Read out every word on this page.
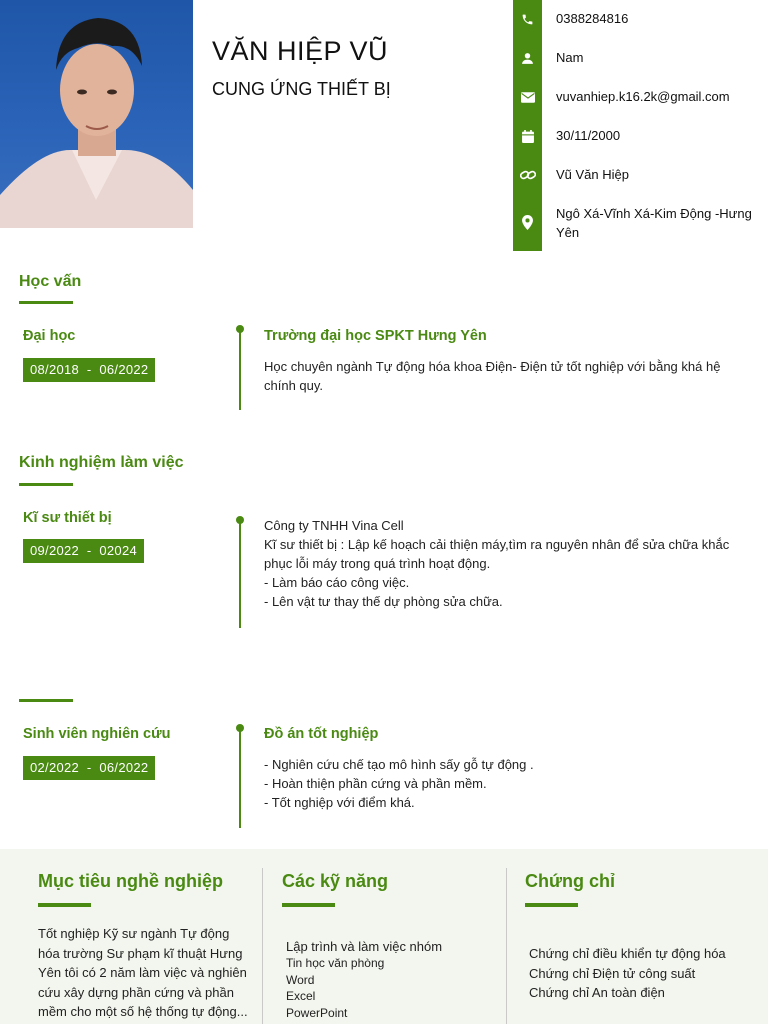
VĂN HIỆP VŨ
CUNG ỨNG THIẾT BỊ
0388284816
Nam
vuvanhiep.k16.2k@gmail.com
30/11/2000
Vũ Văn Hiệp
Ngô Xá-Vĩnh Xá-Kim Động -Hưng Yên
Học vấn
Đại học
08/2018  -  06/2022
Trường đại học SPKT Hưng Yên
Học chuyên ngành Tự động hóa khoa Điện- Điện tử tốt nghiệp với bằng khá hệ chính quy.
Kinh nghiệm làm việc
Kĩ sư thiết bị
09/2022  -  02024
Công ty TNHH Vina Cell
Kĩ sư thiết bị : Lập kế hoạch cải thiện máy,tìm ra nguyên nhân để sửa chữa khắc phục lỗi máy trong quá trình hoạt động.
- Làm báo cáo công việc.
- Lên vật tư thay thế dự phòng sửa chữa.
Sinh viên nghiên cứu
02/2022  -  06/2022
Đồ án tốt nghiệp
- Nghiên cứu chế tạo mô hình sấy gỗ tự động .
- Hoàn thiện phần cứng và phần mềm.
- Tốt nghiệp với điểm khá.
Mục tiêu nghề nghiệp
Tốt nghiệp Kỹ sư ngành Tự động hóa trường Sư phạm kĩ thuật Hưng Yên tôi có 2 năm làm việc và nghiên cứu xây dựng phần cứng và phần mềm cho một số hệ thống tự động...
Các kỹ năng
Lập trình và làm việc nhóm
Tin học văn phòng
Word
Excel
PowerPoint
Chứng chỉ
Chứng chỉ điều khiển tự động hóa
Chứng chỉ Điện tử công suất
Chứng chỉ An toàn điện
